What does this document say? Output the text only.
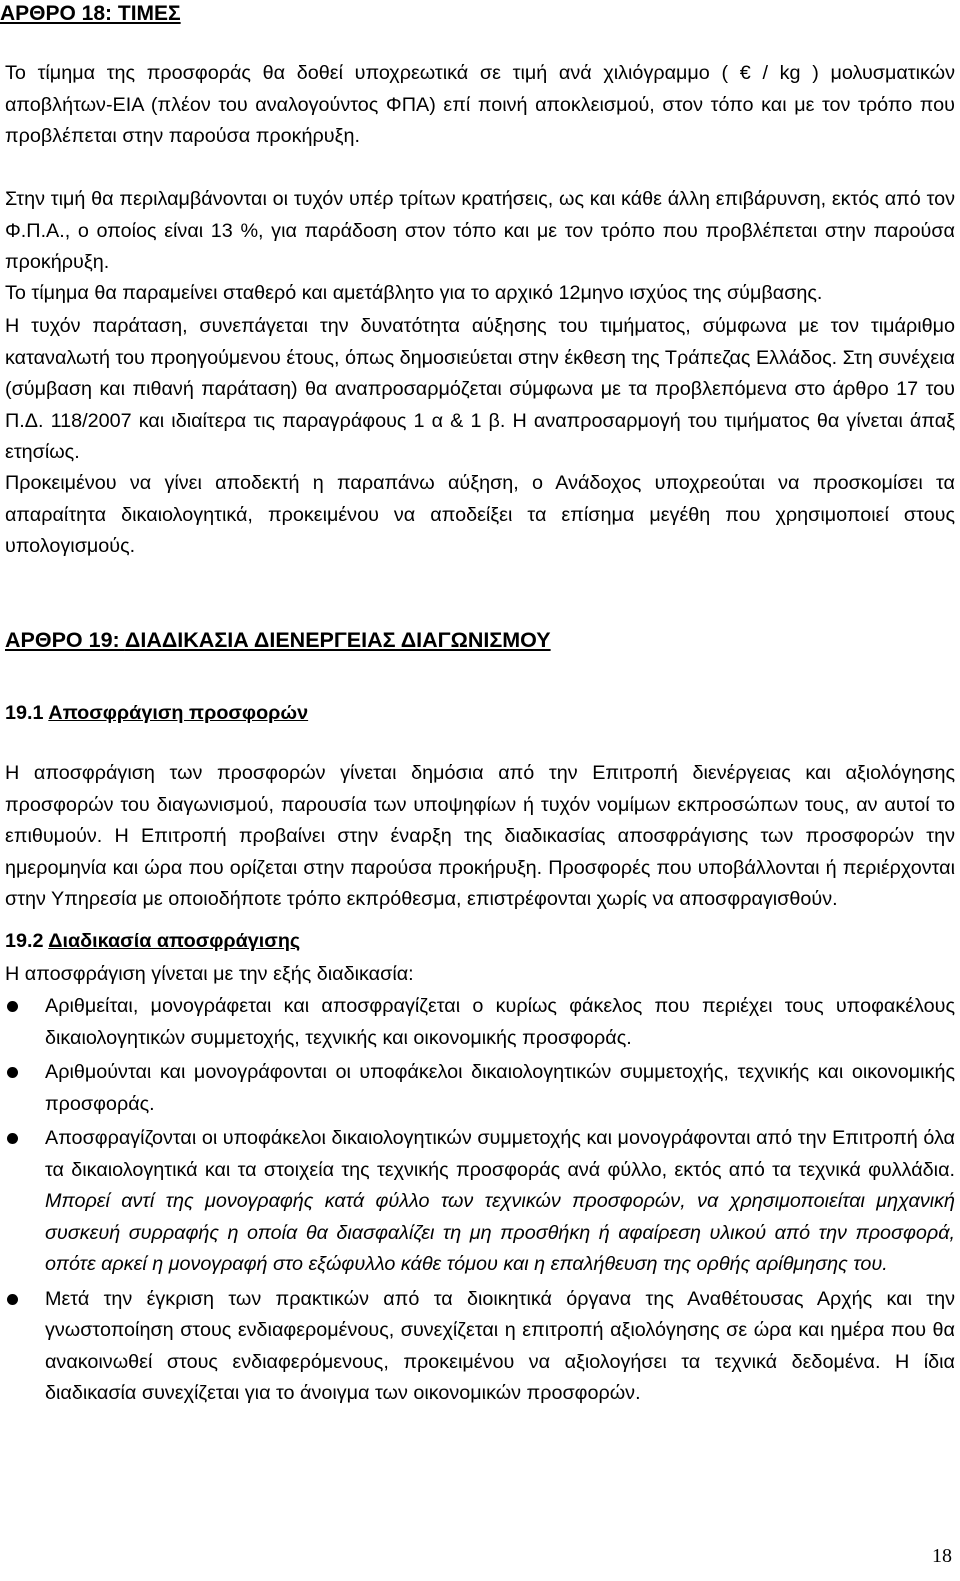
ΑΡΘΡΟ 18: ΤΙΜΕΣ

Το τίμημα της προσφοράς θα δοθεί υποχρεωτικά σε τιμή ανά χιλιόγραμμο ( € / kg ) μολυσματικών αποβλήτων-ΕΙΑ (πλέον του αναλογούντος ΦΠΑ) επί ποινή αποκλεισμού, στον τόπο και με τον τρόπο που προβλέπεται στην παρούσα προκήρυξη.

Στην τιμή θα περιλαμβάνονται οι τυχόν υπέρ τρίτων κρατήσεις, ως και κάθε άλλη επιβάρυνση, εκτός από τον Φ.Π.Α., ο οποίος είναι 13 %, για παράδοση στον τόπο και με τον τρόπο που προβλέπεται στην παρούσα προκήρυξη.

Το τίμημα θα παραμείνει σταθερό και αμετάβλητο για το αρχικό 12μηνο ισχύος της σύμβασης.

Η τυχόν παράταση, συνεπάγεται την δυνατότητα αύξησης του τιμήματος, σύμφωνα με τον τιμάριθμο καταναλωτή του προηγούμενου έτους, όπως δημοσιεύεται στην έκθεση της Τράπεζας Ελλάδος. Στη συνέχεια (σύμβαση και πιθανή παράταση) θα αναπροσαρμόζεται σύμφωνα με τα προβλεπόμενα στο άρθρο 17 του Π.Δ. 118/2007 και ιδιαίτερα τις παραγράφους 1 α & 1 β. Η αναπροσαρμογή του τιμήματος θα γίνεται άπαξ ετησίως.

Προκειμένου να γίνει αποδεκτή η παραπάνω αύξηση, ο Ανάδοχος υποχρεούται να προσκομίσει τα απαραίτητα δικαιολογητικά, προκειμένου να αποδείξει τα επίσημα μεγέθη που χρησιμοποιεί στους υπολογισμούς.

ΑΡΘΡΟ 19: ΔΙΑΔΙΚΑΣΙΑ ΔΙΕΝΕΡΓΕΙΑΣ ΔΙΑΓΩΝΙΣΜΟΥ
19.1 Αποσφράγιση προσφορών

Η αποσφράγιση των προσφορών γίνεται δημόσια από την Επιτροπή διενέργειας και αξιολόγησης προσφορών του διαγωνισμού, παρουσία των υποψηφίων ή τυχόν νομίμων εκπροσώπων τους, αν αυτοί το επιθυμούν. Η Επιτροπή προβαίνει στην έναρξη της διαδικασίας αποσφράγισης των προσφορών την ημερομηνία και ώρα που ορίζεται στην παρούσα προκήρυξη. Προσφορές που υποβάλλονται ή περιέρχονται στην Υπηρεσία με οποιοδήποτε τρόπο εκπρόθεσμα, επιστρέφονται χωρίς να αποσφραγισθούν.

19.2 Διαδικασία αποσφράγισης

Η αποσφράγιση γίνεται με την εξής διαδικασία:

Αριθμείται, μονογράφεται και αποσφραγίζεται ο κυρίως φάκελος που περιέχει τους υποφακέλους δικαιολογητικών συμμετοχής, τεχνικής και οικονομικής προσφοράς.
Αριθμούνται και μονογράφονται οι υποφάκελοι δικαιολογητικών συμμετοχής, τεχνικής και οικονομικής προσφοράς.
Αποσφραγίζονται οι υποφάκελοι δικαιολογητικών συμμετοχής και μονογράφονται από την Επιτροπή όλα τα δικαιολογητικά και τα στοιχεία της τεχνικής προσφοράς ανά φύλλο, εκτός από τα τεχνικά φυλλάδια. Μπορεί αντί της μονογραφής κατά φύλλο των τεχνικών προσφορών, να χρησιμοποιείται μηχανική συσκευή συρραφής η οποία θα διασφαλίζει τη μη προσθήκη ή αφαίρεση υλικού από την προσφορά, οπότε αρκεί η μονογραφή στο εξώφυλλο κάθε τόμου και η επαλήθευση της ορθής αρίθμησης του.
Μετά την έγκριση των πρακτικών από τα διοικητικά όργανα της Αναθέτουσας Αρχής και την γνωστοποίηση στους ενδιαφερομένους, συνεχίζεται η επιτροπή αξιολόγησης σε ώρα και ημέρα που θα ανακοινωθεί στους ενδιαφερόμενους, προκειμένου να αξιολογήσει τα τεχνικά δεδομένα. Η ίδια διαδικασία συνεχίζεται για το άνοιγμα των οικονομικών προσφορών.
18
